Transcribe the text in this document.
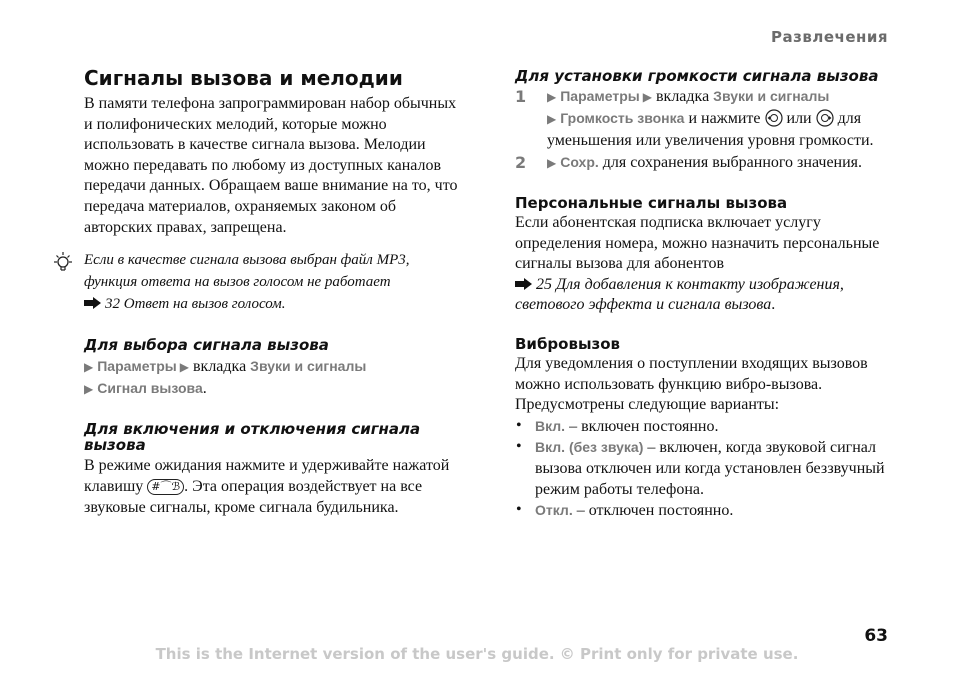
Развлечения
Сигналы вызова и мелодии

В памяти телефона запрограммирован набор обычных и полифонических мелодий, которые можно использовать в качестве сигнала вызова. Мелодии можно передавать по любому из доступных каналов передачи данных. Обращаем ваше внимание на то, что передача материалов, охраняемых законом об авторских правах, запрещена.

Если в качестве сигнала вызова выбран файл MP3, функция ответа на вызов голосом не работает
32 Ответ на вызов голосом.
Для выбора сигнала вызова

▶ Параметры ▶ вкладка Звуки и сигналы
▶ Сигнал вызова.

Для включения и отключения сигнала вызова

В режиме ожидания нажмите и удерживайте нажатой клавишу #⌒ℬ . Эта операция воздействует на все звуковые сигналы, кроме сигнала будильника.

Для установки громкости сигнала вызова
1 ▶ Параметры ▶ вкладка Звуки и сигналы
▶ Громкость звонка и нажмите  или  для уменьшения или увеличения уровня громкости.
2 ▶ Сохр. для сохранения выбранного значения.
Персональные сигналы вызова

Если абонентская подписка включает услугу определения номера, можно назначить персональные сигналы вызова для абонентов
25 Для добавления к контакту изображения, светового эффекта и сигнала вызова.

Вибровызов

Для уведомления о поступлении входящих вызовов можно использовать функцию вибро-вызова. Предусмотрены следующие варианты:

• Вкл. – включен постоянно.
• Вкл. (без звука) – включен, когда звуковой сигнал вызова отключен или когда установлен беззвучный режим работы телефона.
• Откл. – отключен постоянно.
63
This is the Internet version of the user's guide. © Print only for private use.
